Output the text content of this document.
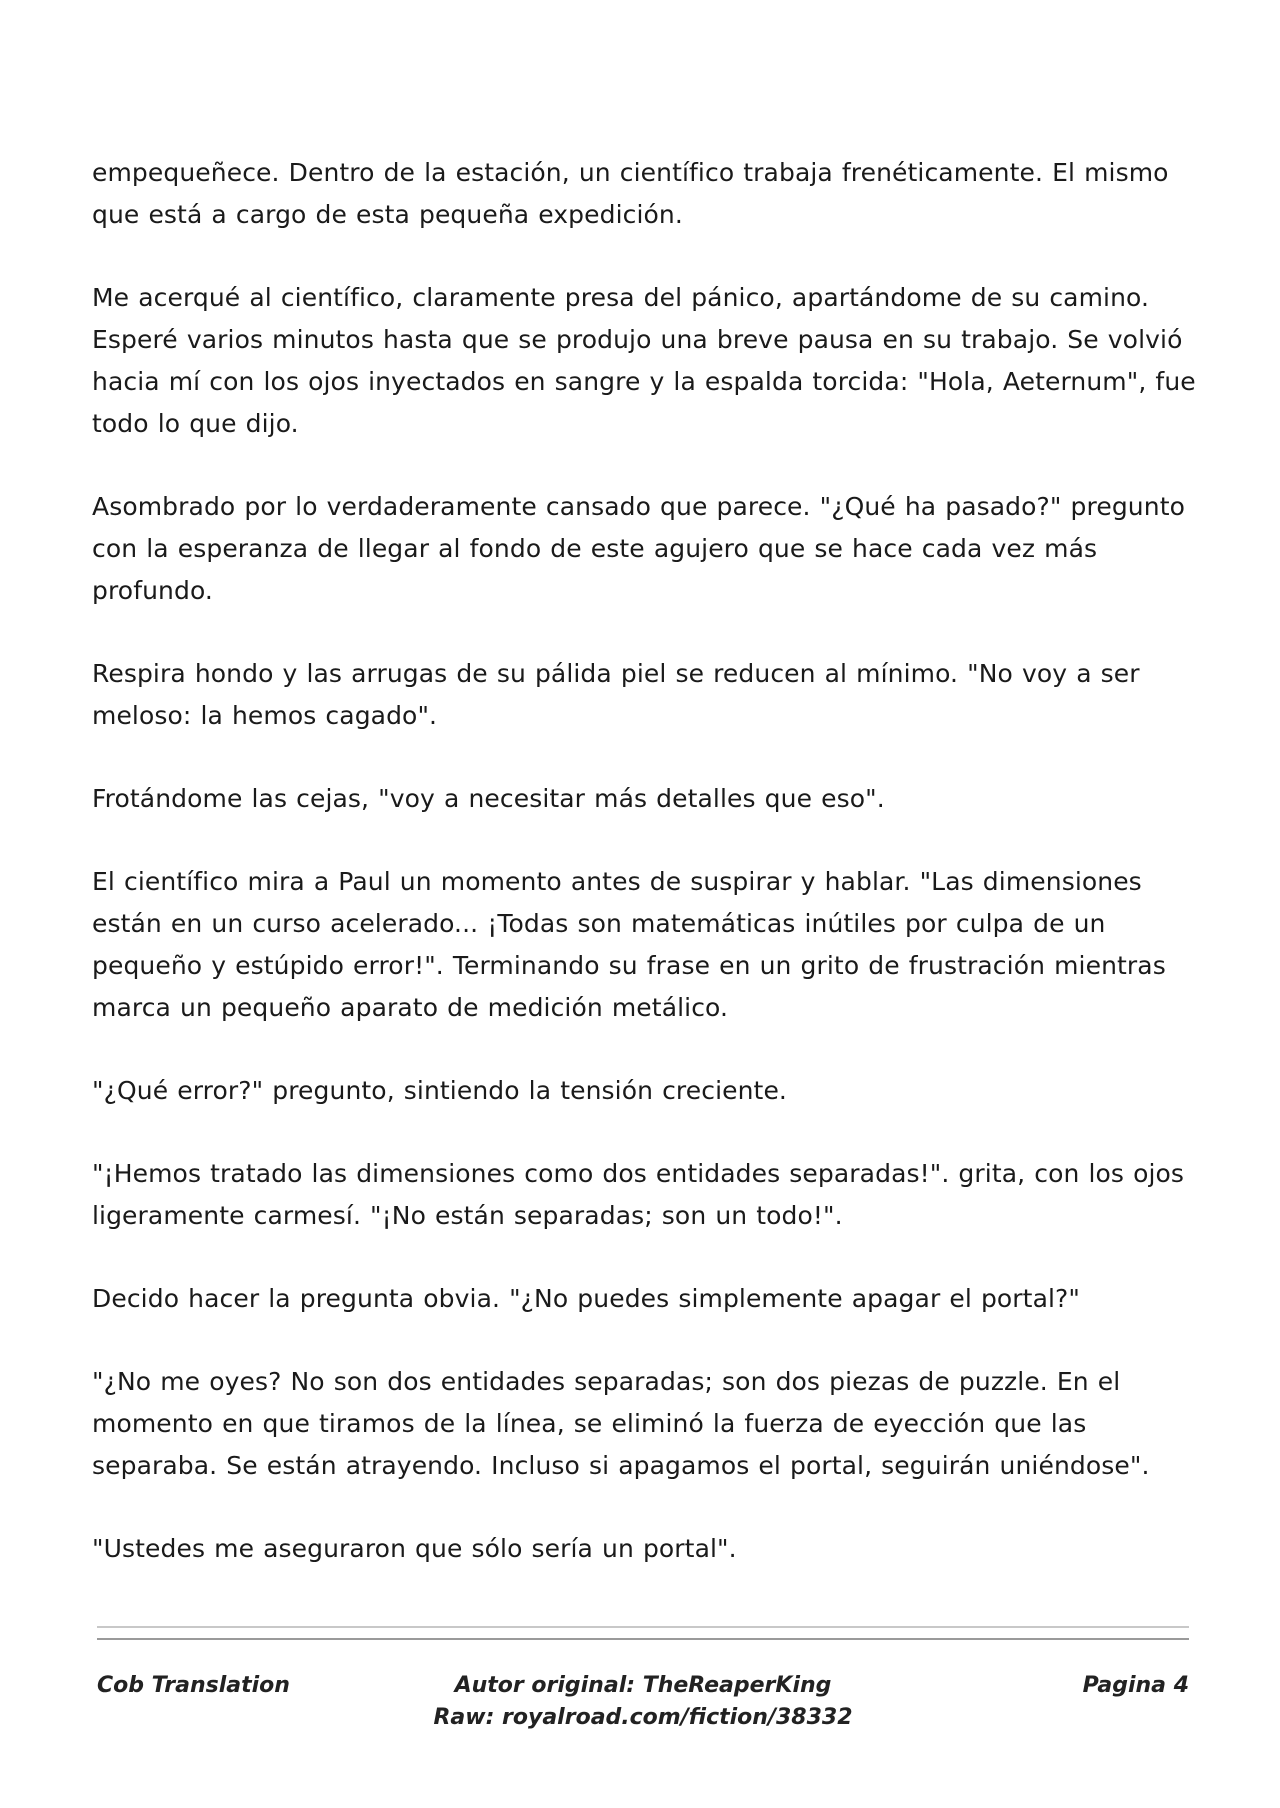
empequeñece. Dentro de la estación, un científico trabaja frenéticamente. El mismo que está a cargo de esta pequeña expedición.

Me acerqué al científico, claramente presa del pánico, apartándome de su camino. Esperé varios minutos hasta que se produjo una breve pausa en su trabajo. Se volvió hacia mí con los ojos inyectados en sangre y la espalda torcida: "Hola, Aeternum", fue todo lo que dijo.

Asombrado por lo verdaderamente cansado que parece. "¿Qué ha pasado?" pregunto con la esperanza de llegar al fondo de este agujero que se hace cada vez más profundo.

Respira hondo y las arrugas de su pálida piel se reducen al mínimo. "No voy a ser meloso: la hemos cagado".

Frotándome las cejas, "voy a necesitar más detalles que eso".

El científico mira a Paul un momento antes de suspirar y hablar. "Las dimensiones están en un curso acelerado... ¡Todas son matemáticas inútiles por culpa de un pequeño y estúpido error!". Terminando su frase en un grito de frustración mientras marca un pequeño aparato de medición metálico.

"¿Qué error?" pregunto, sintiendo la tensión creciente.

"¡Hemos tratado las dimensiones como dos entidades separadas!". grita, con los ojos ligeramente carmesí. "¡No están separadas; son un todo!".

Decido hacer la pregunta obvia. "¿No puedes simplemente apagar el portal?"

"¿No me oyes? No son dos entidades separadas; son dos piezas de puzzle. En el momento en que tiramos de la línea, se eliminó la fuerza de eyección que las separaba. Se están atrayendo. Incluso si apagamos el portal, seguirán uniéndose".

"Ustedes me aseguraron que sólo sería un portal".

Cob Translation	Autor original: TheReaperKing
Raw: royalroad.com/fiction/38332
Pagina 4
